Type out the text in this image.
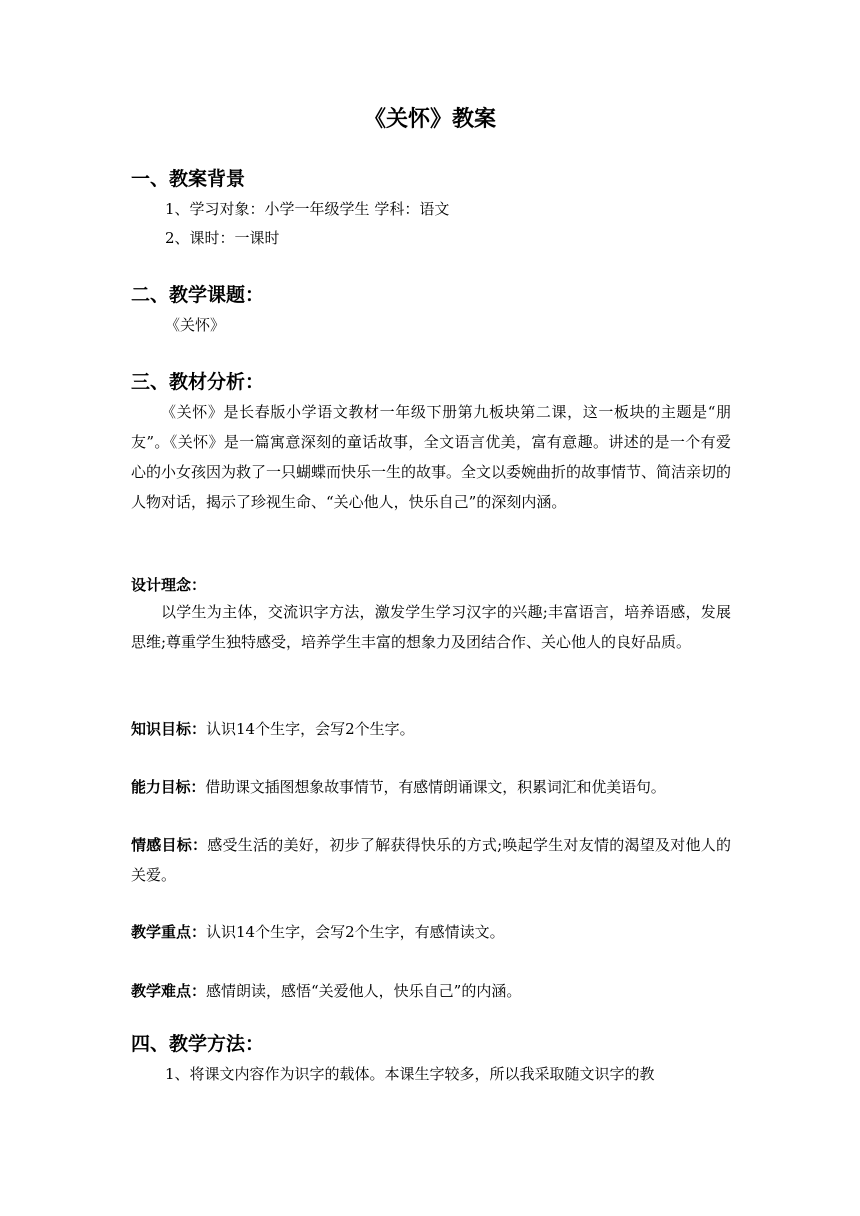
《关怀》教案
一、教案背景
1、学习对象：小学一年级学生 学科：语文
2、课时：一课时
二、教学课题：
《关怀》
三、教材分析：
《关怀》是长春版小学语文教材一年级下册第九板块第二课，这一板块的主题是“朋友”。《关怀》是一篇寓意深刻的童话故事，全文语言优美，富有意趣。讲述的是一个有爱心的小女孩因为救了一只蝴蝶而快乐一生的故事。全文以委婉曲折的故事情节、简洁亲切的人物对话，揭示了珍视生命、“关心他人，快乐自己”的深刻内涵。
设计理念：
以学生为主体，交流识字方法，激发学生学习汉字的兴趣;丰富语言，培养语感，发展思维;尊重学生独特感受，培养学生丰富的想象力及团结合作、关心他人的良好品质。
知识目标：认识14个生字，会写2个生字。
能力目标：借助课文插图想象故事情节，有感情朗诵课文，积累词汇和优美语句。
情感目标：感受生活的美好，初步了解获得快乐的方式;唤起学生对友情的渴望及对他人的关爱。
教学重点：认识14个生字，会写2个生字，有感情读文。
教学难点：感情朗读，感悟“关爱他人，快乐自己”的内涵。
四、教学方法：
1、将课文内容作为识字的载体。本课生字较多，所以我采取随文识字的教
